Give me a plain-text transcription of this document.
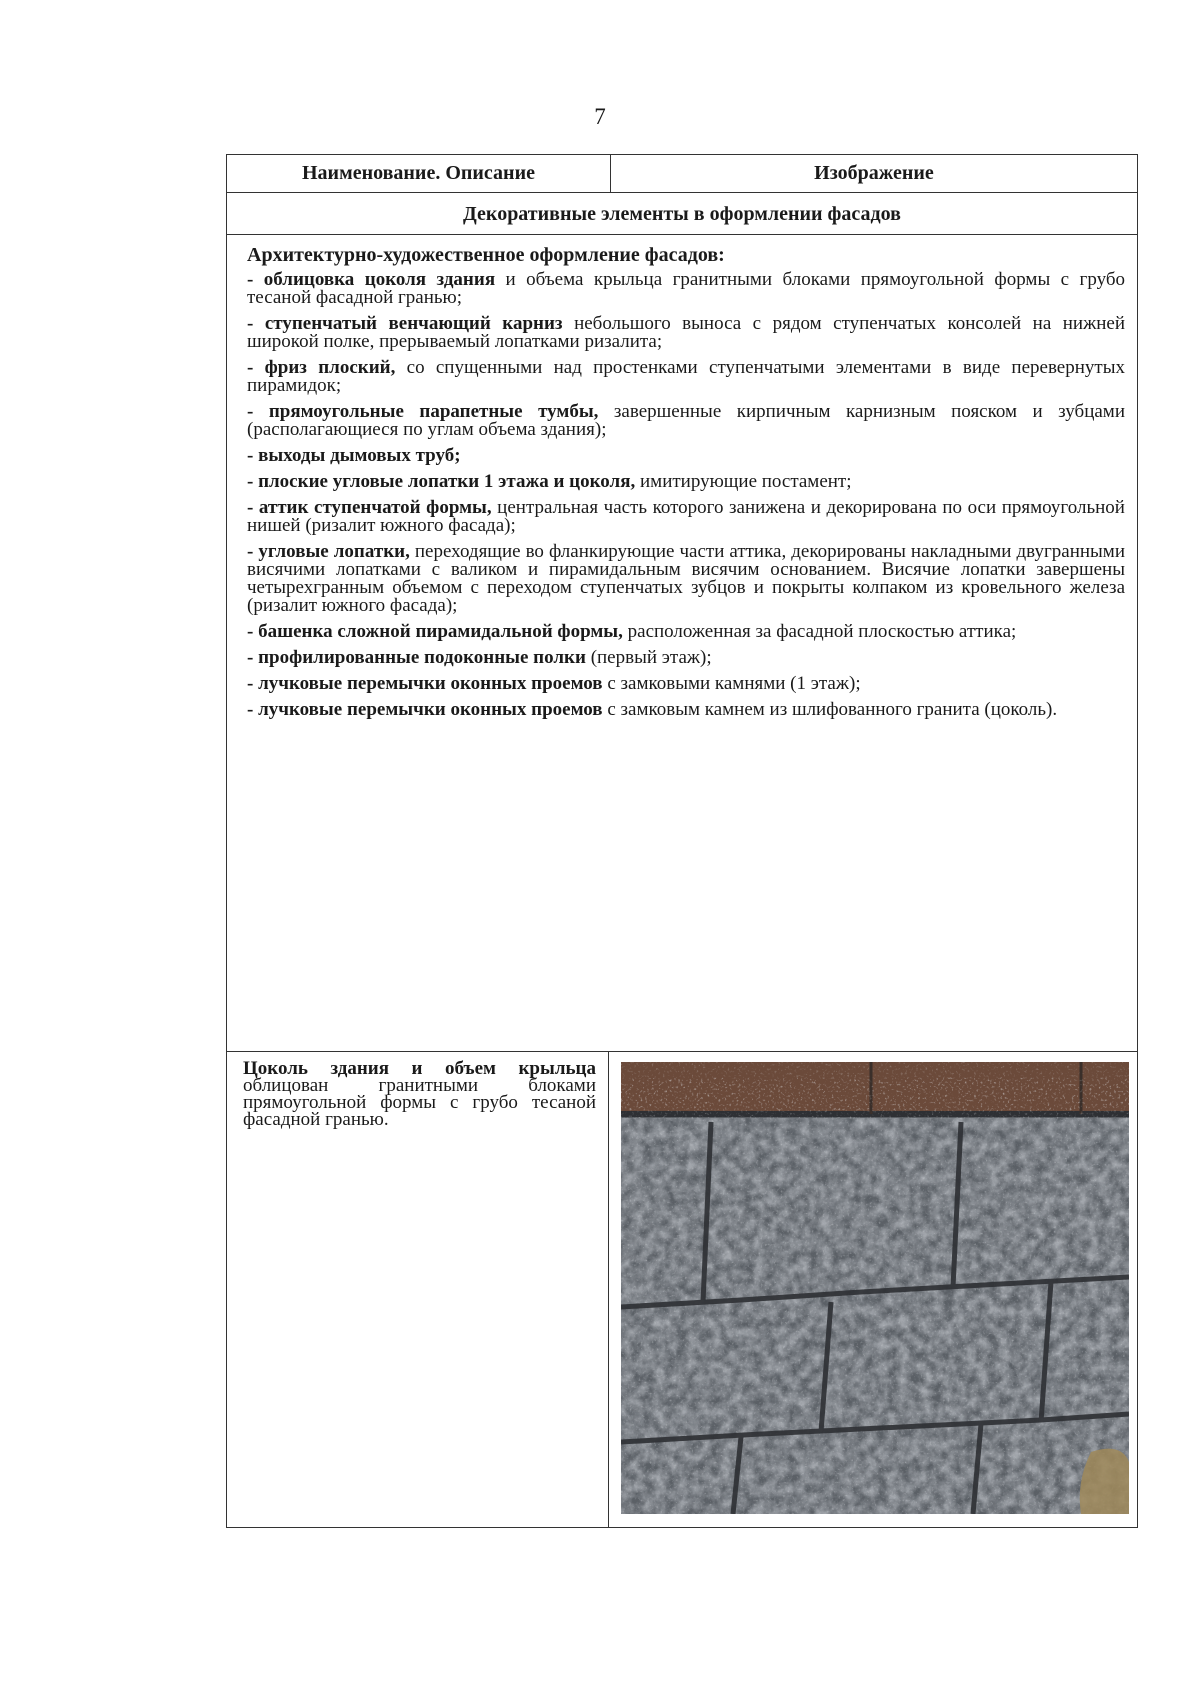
7
Наименование. Описание	Изображение
Декоративные элементы в оформлении фасадов
Архитектурно-художественное оформление фасадов:
- облицовка цоколя здания и объема крыльца гранитными блоками прямоугольной формы с грубо тесаной фасадной гранью;
- ступенчатый венчающий карниз небольшого выноса с рядом ступенчатых консолей на нижней широкой полке, прерываемый лопатками ризалита;
- фриз плоский, со спущенными над простенками ступенчатыми элементами в виде перевернутых пирамидок;
- прямоугольные парапетные тумбы, завершенные кирпичным карнизным пояском и зубцами (располагающиеся по углам объема здания);
- выходы дымовых труб;
- плоские угловые лопатки 1 этажа и цоколя, имитирующие постамент;
- аттик ступенчатой формы, центральная часть которого занижена и декорирована по оси прямоугольной нишей (ризалит южного фасада);
- угловые лопатки, переходящие во фланкирующие части аттика, декорированы накладными двугранными висячими лопатками с валиком и пирамидальным висячим основанием. Висячие лопатки завершены четырехгранным объемом с переходом ступенчатых зубцов и покрыты колпаком из кровельного железа (ризалит южного фасада);
- башенка сложной пирамидальной формы, расположенная за фасадной плоскостью аттика;
- профилированные подоконные полки (первый этаж);
- лучковые перемычки оконных проемов с замковыми камнями (1 этаж);
- лучковые перемычки оконных проемов с замковым камнем из шлифованного гранита (цоколь).
Цоколь здания и объем крыльца облицован гранитными блоками прямоугольной формы с грубо тесаной фасадной гранью.
